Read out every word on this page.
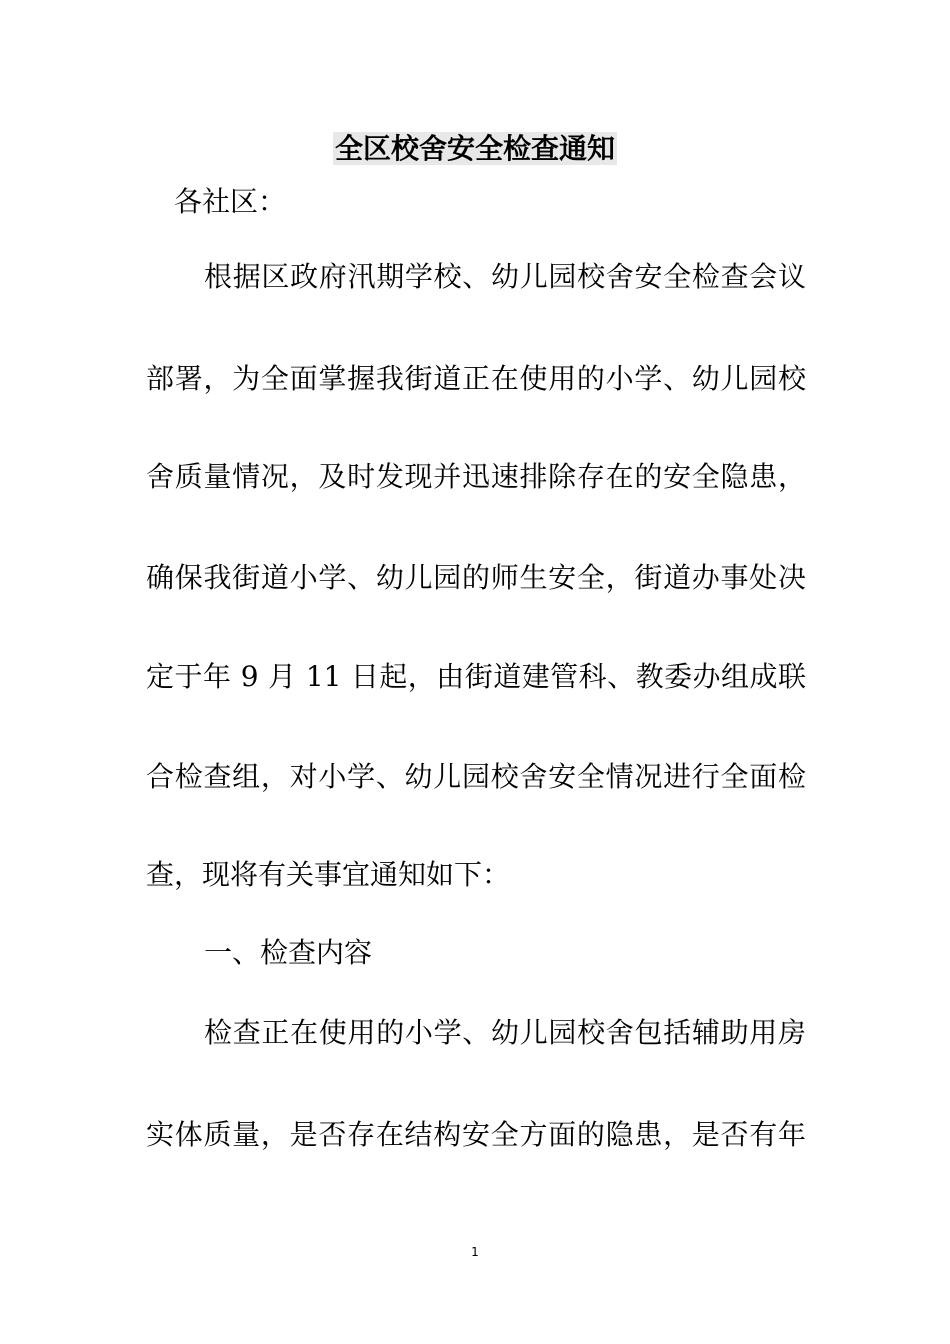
全区校舍安全检查通知
各社区：
根据区政府汛期学校、幼儿园校舍安全检查会议
部署，为全面掌握我街道正在使用的小学、幼儿园校
舍质量情况，及时发现并迅速排除存在的安全隐患，
确保我街道小学、幼儿园的师生安全，街道办事处决
定于年 9 月 11 日起，由街道建管科、教委办组成联
合检查组，对小学、幼儿园校舍安全情况进行全面检
查，现将有关事宜通知如下：
一、检查内容
检查正在使用的小学、幼儿园校舍包括辅助用房
实体质量，是否存在结构安全方面的隐患，是否有年
1
